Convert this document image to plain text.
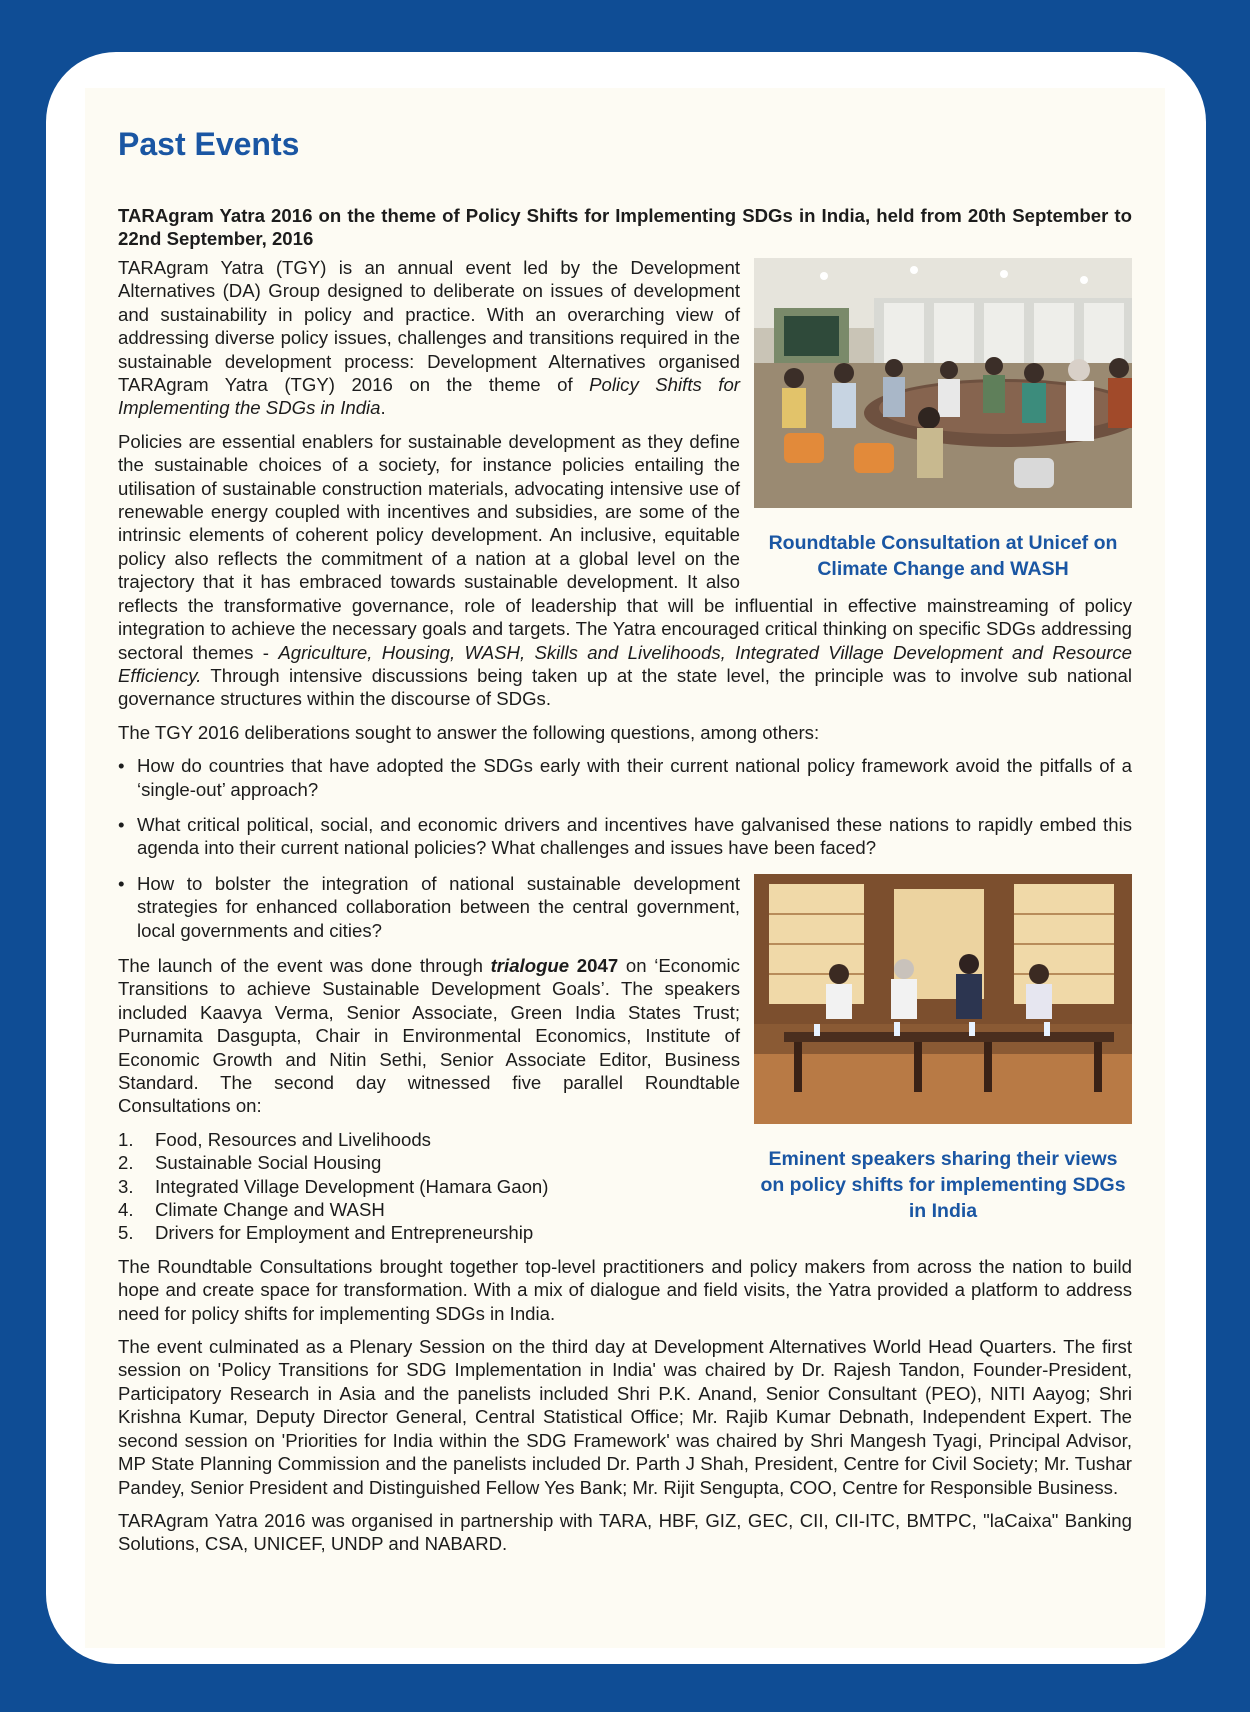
Past Events
TARAgram Yatra 2016 on the theme of Policy Shifts for Implementing SDGs in India, held from 20th September to 22nd September, 2016
Roundtable Consultation at Unicef on Climate Change and WASH

TARAgram Yatra (TGY) is an annual event led by the Development Alternatives (DA) Group designed to deliberate on issues of development and sustainability in policy and practice. With an overarching view of addressing diverse policy issues, challenges and transitions required in the sustainable development process: Development Alternatives organised TARAgram Yatra (TGY) 2016 on the theme of Policy Shifts for Implementing the SDGs in India.

Policies are essential enablers for sustainable development as they define the sustainable choices of a society, for instance policies entailing the utilisation of sustainable construction materials, advocating intensive use of renewable energy coupled with incentives and subsidies, are some of the intrinsic elements of coherent policy development. An inclusive, equitable policy also reflects the commitment of a nation at a global level on the trajectory that it has embraced towards sustainable development. It also reflects the transformative governance, role of leadership that will be influential in effective mainstreaming of policy integration to achieve the necessary goals and targets. The Yatra encouraged critical thinking on specific SDGs addressing sectoral themes - Agriculture, Housing, WASH, Skills and Livelihoods, Integrated Village Development and Resource Efficiency. Through intensive discussions being taken up at the state level, the principle was to involve sub national governance structures within the discourse of SDGs.

The TGY 2016 deliberations sought to answer the following questions, among others:

• How do countries that have adopted the SDGs early with their current national policy framework avoid the pitfalls of a ‘single-out’ approach?
• What critical political, social, and economic drivers and incentives have galvanised these nations to rapidly embed this agenda into their current national policies? What challenges and issues have been faced?
Eminent speakers sharing their views on policy shifts for implementing SDGs in India
• How to bolster the integration of national sustainable development strategies for enhanced collaboration between the central government, local governments and cities?

The launch of the event was done through trialogue 2047 on ‘Economic Transitions to achieve Sustainable Development Goals’. The speakers included Kaavya Verma, Senior Associate, Green India States Trust; Purnamita Dasgupta, Chair in Environmental Economics, Institute of Economic Growth and Nitin Sethi, Senior Associate Editor, Business Standard. The second day witnessed five parallel Roundtable Consultations on:

1.	Food, Resources and Livelihoods
2.	Sustainable Social Housing
3.	Integrated Village Development (Hamara Gaon)
4.	Climate Change and WASH
5.	Drivers for Employment and Entrepreneurship

The Roundtable Consultations brought together top-level practitioners and policy makers from across the nation to build hope and create space for transformation. With a mix of dialogue and field visits, the Yatra provided a platform to address need for policy shifts for implementing SDGs in India.

The event culminated as a Plenary Session on the third day at Development Alternatives World Head Quarters. The first session on 'Policy Transitions for SDG Implementation in India' was chaired by Dr. Rajesh Tandon, Founder-President, Participatory Research in Asia and the panelists included Shri P.K. Anand, Senior Consultant (PEO), NITI Aayog; Shri Krishna Kumar, Deputy Director General, Central Statistical Office; Mr. Rajib Kumar Debnath, Independent Expert. The second session on 'Priorities for India within the SDG Framework' was chaired by Shri Mangesh Tyagi, Principal Advisor, MP State Planning Commission and the panelists included Dr. Parth J Shah, President, Centre for Civil Society; Mr. Tushar Pandey, Senior President and Distinguished Fellow Yes Bank; Mr. Rijit Sengupta, COO, Centre for Responsible Business.

TARAgram Yatra 2016 was organised in partnership with TARA, HBF, GIZ, GEC, CII, CII-ITC, BMTPC, "laCaixa" Banking Solutions, CSA, UNICEF, UNDP and NABARD.
